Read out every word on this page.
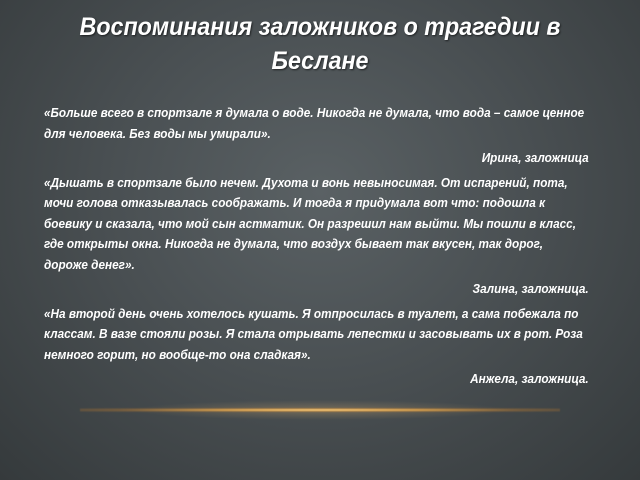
Воспоминания заложников о трагедии в Беслане

«Больше всего в спортзале я думала о воде. Никогда не думала, что вода – самое ценное для человека. Без воды мы умирали».

Ирина, заложница

«Дышать в спортзале было нечем. Духота и вонь невыносимая. От испарений, пота, мочи голова отказывалась соображать. И тогда я придумала вот что: подошла к боевику и сказала, что мой сын астматик. Он разрешил нам выйти. Мы пошли в класс, где открыты окна. Никогда не думала, что воздух бывает так вкусен, так дорог, дороже денег».

Залина, заложница.

«На второй день очень хотелось кушать. Я отпросилась в туалет, а сама побежала по классам. В вазе стояли розы. Я стала отрывать лепестки и засовывать их в рот. Роза немного горит, но вообще-то она сладкая».

Анжела, заложница.
